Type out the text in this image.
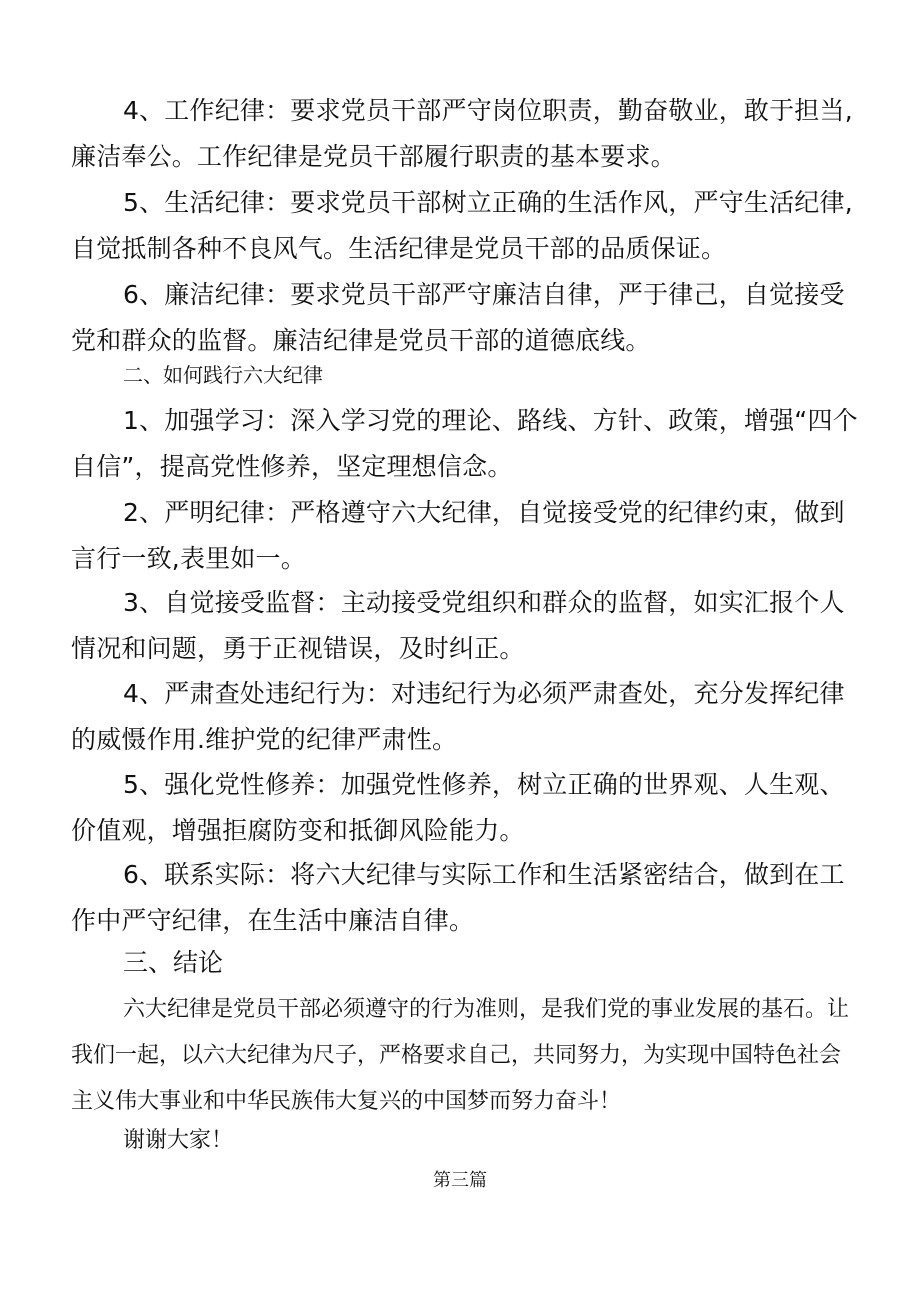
4、工作纪律：要求党员干部严守岗位职责，勤奋敬业，敢于担当,廉洁奉公。工作纪律是党员干部履行职责的基本要求。

5、生活纪律：要求党员干部树立正确的生活作风，严守生活纪律,自觉抵制各种不良风气。生活纪律是党员干部的品质保证。

6、廉洁纪律：要求党员干部严守廉洁自律，严于律己，自觉接受党和群众的监督。廉洁纪律是党员干部的道德底线。

二、如何践行六大纪律

1、加强学习：深入学习党的理论、路线、方针、政策，增强“四个自信”，提高党性修养，坚定理想信念。

2、严明纪律：严格遵守六大纪律，自觉接受党的纪律约束，做到言行一致,表里如一。

3、自觉接受监督：主动接受党组织和群众的监督，如实汇报个人情况和问题，勇于正视错误，及时纠正。

4、严肃查处违纪行为：对违纪行为必须严肃查处，充分发挥纪律的威慑作用.维护党的纪律严肃性。

5、强化党性修养：加强党性修养，树立正确的世界观、人生观、价值观，增强拒腐防变和抵御风险能力。

6、联系实际：将六大纪律与实际工作和生活紧密结合，做到在工作中严守纪律，在生活中廉洁自律。

三、结论

六大纪律是党员干部必须遵守的行为准则，是我们党的事业发展的基石。让我们一起，以六大纪律为尺子，严格要求自己，共同努力，为实现中国特色社会主义伟大事业和中华民族伟大复兴的中国梦而努力奋斗！

谢谢大家！

第三篇
